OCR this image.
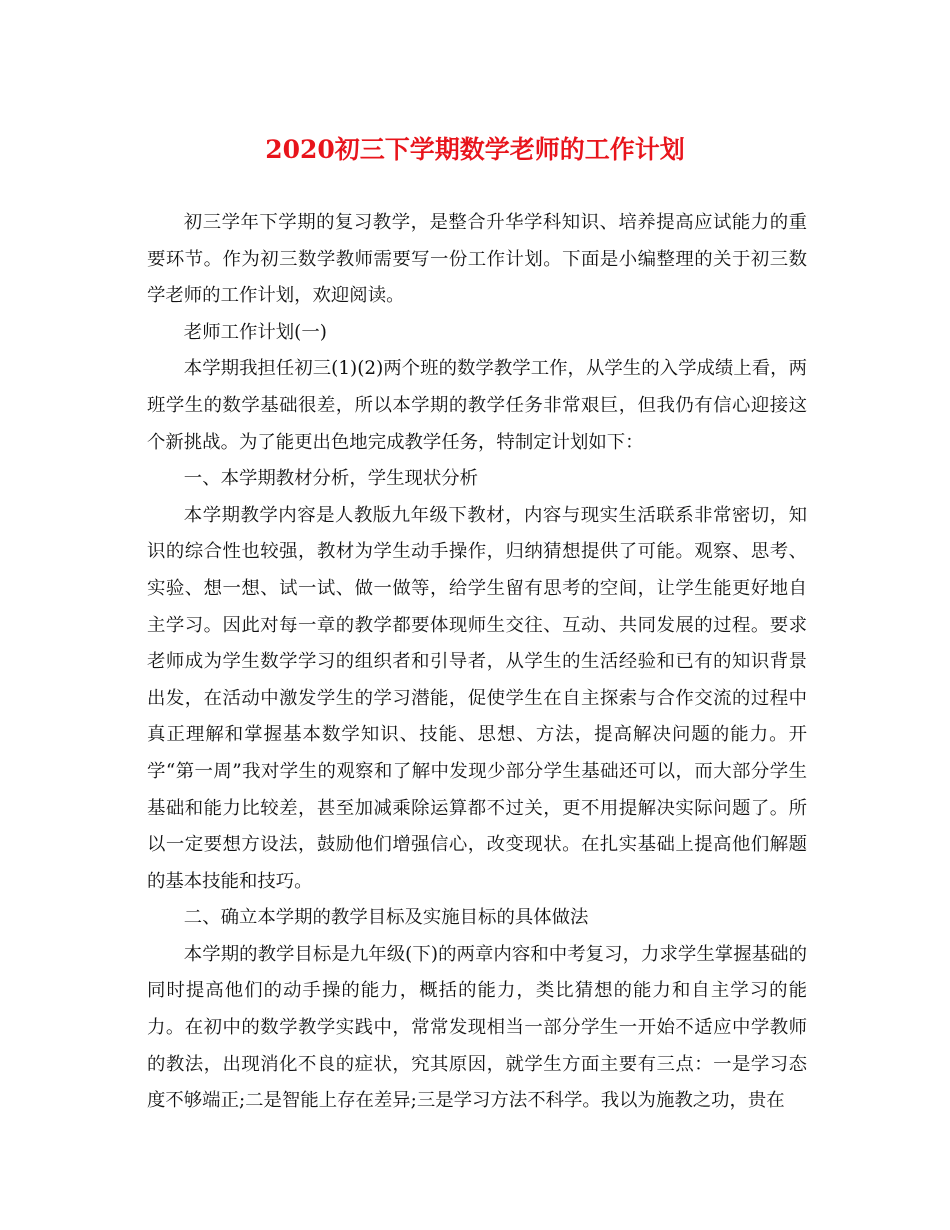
2020初三下学期数学老师的工作计划

初三学年下学期的复习教学，是整合升华学科知识、培养提高应试能力的重要环节。作为初三数学教师需要写一份工作计划。下面是小编整理的关于初三数学老师的工作计划，欢迎阅读。

老师工作计划(一)

本学期我担任初三(1)(2)两个班的数学教学工作，从学生的入学成绩上看，两班学生的数学基础很差，所以本学期的教学任务非常艰巨，但我仍有信心迎接这个新挑战。为了能更出色地完成教学任务，特制定计划如下：

一、本学期教材分析，学生现状分析

本学期教学内容是人教版九年级下教材，内容与现实生活联系非常密切，知识的综合性也较强，教材为学生动手操作，归纳猜想提供了可能。观察、思考、实验、想一想、试一试、做一做等，给学生留有思考的空间，让学生能更好地自主学习。因此对每一章的教学都要体现师生交往、互动、共同发展的过程。要求老师成为学生数学学习的组织者和引导者，从学生的生活经验和已有的知识背景出发，在活动中激发学生的学习潜能，促使学生在自主探索与合作交流的过程中真正理解和掌握基本数学知识、技能、思想、方法，提高解决问题的能力。开学“第一周”我对学生的观察和了解中发现少部分学生基础还可以，而大部分学生基础和能力比较差，甚至加减乘除运算都不过关，更不用提解决实际问题了。所以一定要想方设法，鼓励他们增强信心，改变现状。在扎实基础上提高他们解题的基本技能和技巧。

二、确立本学期的教学目标及实施目标的具体做法

本学期的教学目标是九年级(下)的两章内容和中考复习，力求学生掌握基础的同时提高他们的动手操的能力，概括的能力，类比猜想的能力和自主学习的能力。在初中的数学教学实践中，常常发现相当一部分学生一开始不适应中学教师的教法，出现消化不良的症状，究其原因，就学生方面主要有三点：一是学习态度不够端正;二是智能上存在差异;三是学习方法不科学。我以为施教之功，贵在
